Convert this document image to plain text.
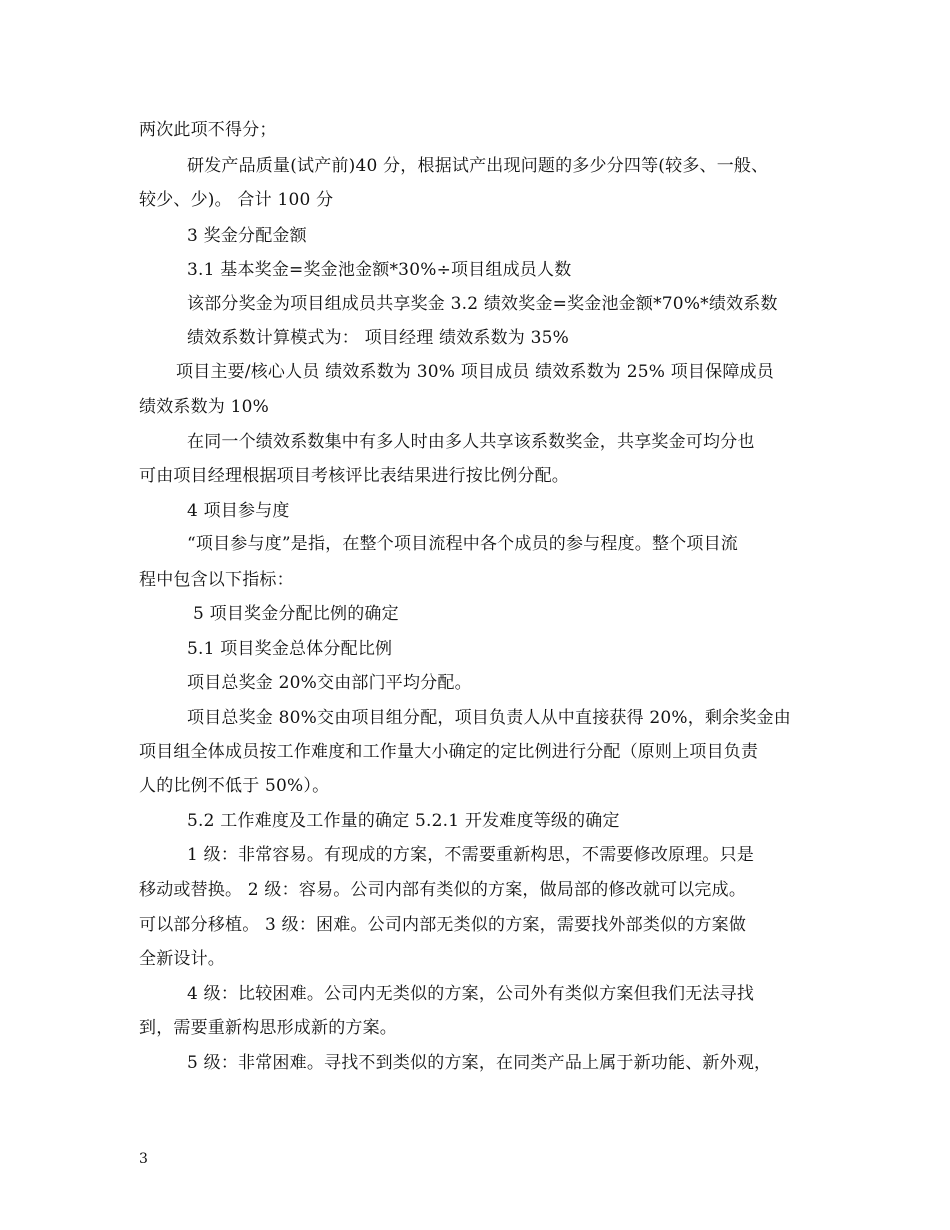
两次此项不得分；
研发产品质量(试产前)40 分，根据试产出现问题的多少分四等(较多、一般、
较少、少)。 合计 100 分
3 奖金分配金额
3.1 基本奖金=奖金池金额*30%÷项目组成员人数
该部分奖金为项目组成员共享奖金 3.2 绩效奖金=奖金池金额*70%*绩效系数
绩效系数计算模式为： 项目经理 绩效系数为 35%
项目主要/核心人员 绩效系数为 30% 项目成员 绩效系数为 25% 项目保障成员
绩效系数为 10%
在同一个绩效系数集中有多人时由多人共享该系数奖金，共享奖金可均分也
可由项目经理根据项目考核评比表结果进行按比例分配。
4 项目参与度
“项目参与度”是指，在整个项目流程中各个成员的参与程度。整个项目流
程中包含以下指标：
5 项目奖金分配比例的确定
5.1 项目奖金总体分配比例
项目总奖金 20%交由部门平均分配。
项目总奖金 80%交由项目组分配，项目负责人从中直接获得 20%，剩余奖金由
项目组全体成员按工作难度和工作量大小确定的定比例进行分配（原则上项目负责
人的比例不低于 50%）。
5.2 工作难度及工作量的确定 5.2.1 开发难度等级的确定
1 级：非常容易。有现成的方案，不需要重新构思，不需要修改原理。只是
移动或替换。 2 级：容易。公司内部有类似的方案，做局部的修改就可以完成。
可以部分移植。 3 级：困难。公司内部无类似的方案，需要找外部类似的方案做
全新设计。
4 级：比较困难。公司内无类似的方案，公司外有类似方案但我们无法寻找
到，需要重新构思形成新的方案。
5 级：非常困难。寻找不到类似的方案，在同类产品上属于新功能、新外观，
3
